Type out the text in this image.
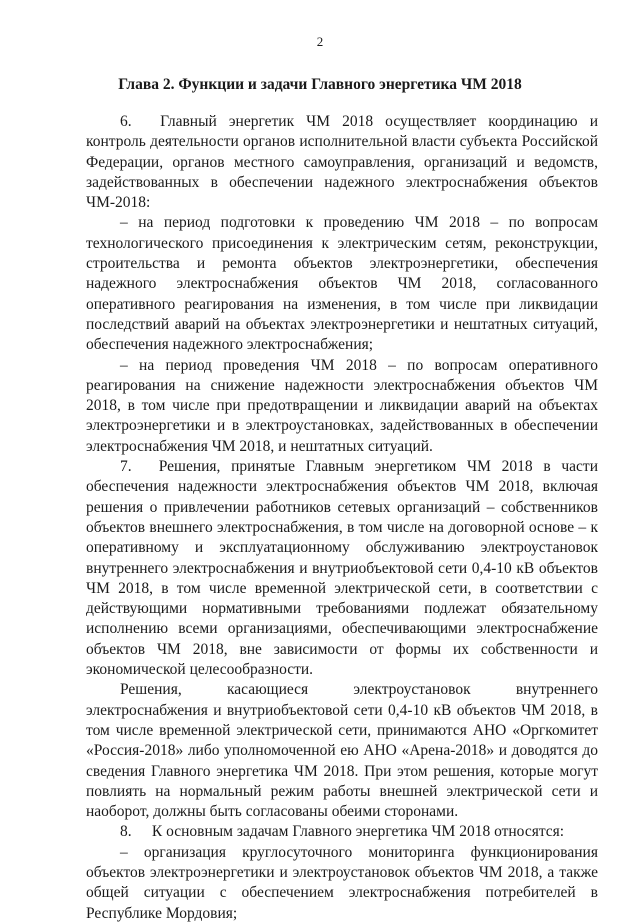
2
Глава 2. Функции и задачи Главного энергетика ЧМ 2018

6. Главный энергетик ЧМ 2018 осуществляет координацию и контроль деятельности органов исполнительной власти субъекта Российской Федерации, органов местного самоуправления, организаций и ведомств, задействованных в обеспечении надежного электроснабжения объектов ЧМ-2018:

– на период подготовки к проведению ЧМ 2018 – по вопросам технологического присоединения к электрическим сетям, реконструкции, строительства и ремонта объектов электроэнергетики, обеспечения надежного электроснабжения объектов ЧМ 2018, согласованного оперативного реагирования на изменения, в том числе при ликвидации последствий аварий на объектах электроэнергетики и нештатных ситуаций, обеспечения надежного электроснабжения;

– на период проведения ЧМ 2018 – по вопросам оперативного реагирования на снижение надежности электроснабжения объектов ЧМ 2018, в том числе при предотвращении и ликвидации аварий на объектах электроэнергетики и в электроустановках, задействованных в обеспечении электроснабжения ЧМ 2018, и нештатных ситуаций.

7. Решения, принятые Главным энергетиком ЧМ 2018 в части обеспечения надежности электроснабжения объектов ЧМ 2018, включая решения о привлечении работников сетевых организаций – собственников объектов внешнего электроснабжения, в том числе на договорной основе – к оперативному и эксплуатационному обслуживанию электроустановок внутреннего электроснабжения и внутриобъектовой сети 0,4-10 кВ объектов ЧМ 2018, в том числе временной электрической сети, в соответствии с действующими нормативными требованиями подлежат обязательному исполнению всеми организациями, обеспечивающими электроснабжение объектов ЧМ 2018, вне зависимости от формы их собственности и экономической целесообразности.

Решения, касающиеся электроустановок внутреннего электроснабжения и внутриобъектовой сети 0,4-10 кВ объектов ЧМ 2018, в том числе временной электрической сети, принимаются АНО «Оргкомитет «Россия-2018» либо уполномоченной ею АНО «Арена-2018» и доводятся до сведения Главного энергетика ЧМ 2018. При этом решения, которые могут повлиять на нормальный режим работы внешней электрической сети и наоборот, должны быть согласованы обеими сторонами.

8. К основным задачам Главного энергетика ЧМ 2018 относятся:

– организация круглосуточного мониторинга функционирования объектов электроэнергетики и электроустановок объектов ЧМ 2018, а также общей ситуации с обеспечением электроснабжения потребителей в Республике Мордовия;
